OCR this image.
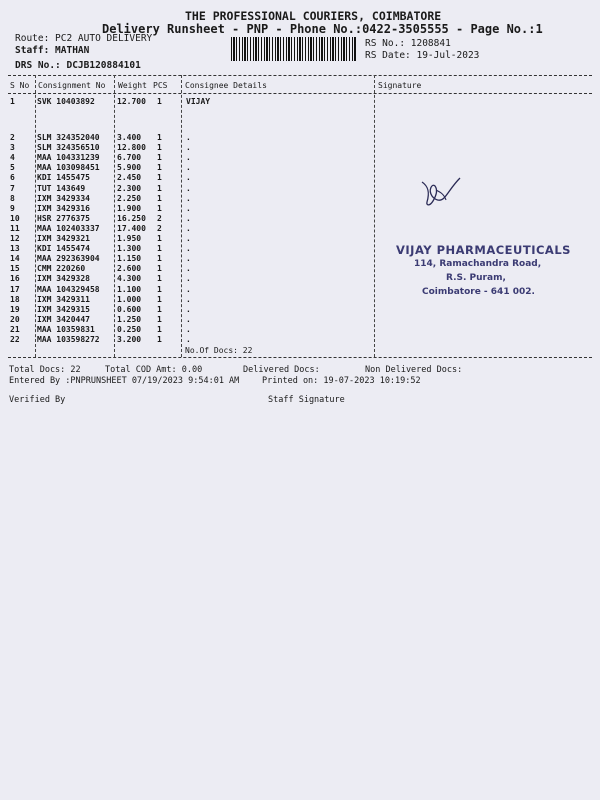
THE PROFESSIONAL COURIERS, COIMBATORE
Delivery Runsheet - PNP - Phone No.:0422-3505555 - Page No.:1
Route: PC2 AUTO DELIVERY
Staff: MATHAN
DRS No.: DCJB120884101
RS No.: 1208841
RS Date: 19-Jul-2023
S No Consignment No Weight PCS Consignee Details	Signature
1	SVK 10403892	12.700 1	VIJAY
2	SLM 324352040 3.400 1	.
3	SLM 324356510 12.800 1	.
4	MAA 104331239 6.700 1	.
5	MAA 103098451 5.900 1	.
6	KDI 1455475	2.450 1	.
7	TUT 143649	2.300 1	.
8	IXM 3429334	2.250 1	.
9	IXM 3429316	1.900 1	.
10 HSR 2776375	16.250 2	.
11 MAA 102403337 17.400 2	.
12 IXM 3429321	1.950 1	.
13 KDI 1455474	1.300 1	.
14 MAA 292363904 1.150 1	.
15 CMM 220260	2.600 1	.
16 IXM 3429328	4.300 1	.
17 MAA 104329458 1.100 1	.
18 IXM 3429311	1.000 1	.
19 IXM 3429315	0.600 1	.
20 IXM 3420447	1.250 1	.
21 MAA 10359831	0.250 1	.
22 MAA 103598272 3.200 1	.
No.Of Docs: 22
VIJAY PHARMACEUTICALS
114, Ramachandra Road,
R.S. Puram,
Coimbatore - 641 002.
Total Docs: 22	Total COD Amt: 0.00	Delivered Docs:	Non Delivered Docs:
Entered By :PNPRUNSHEET 07/19/2023 9:54:01 AM	Printed on: 19-07-2023 10:19:52
Verified By	Staff Signature
